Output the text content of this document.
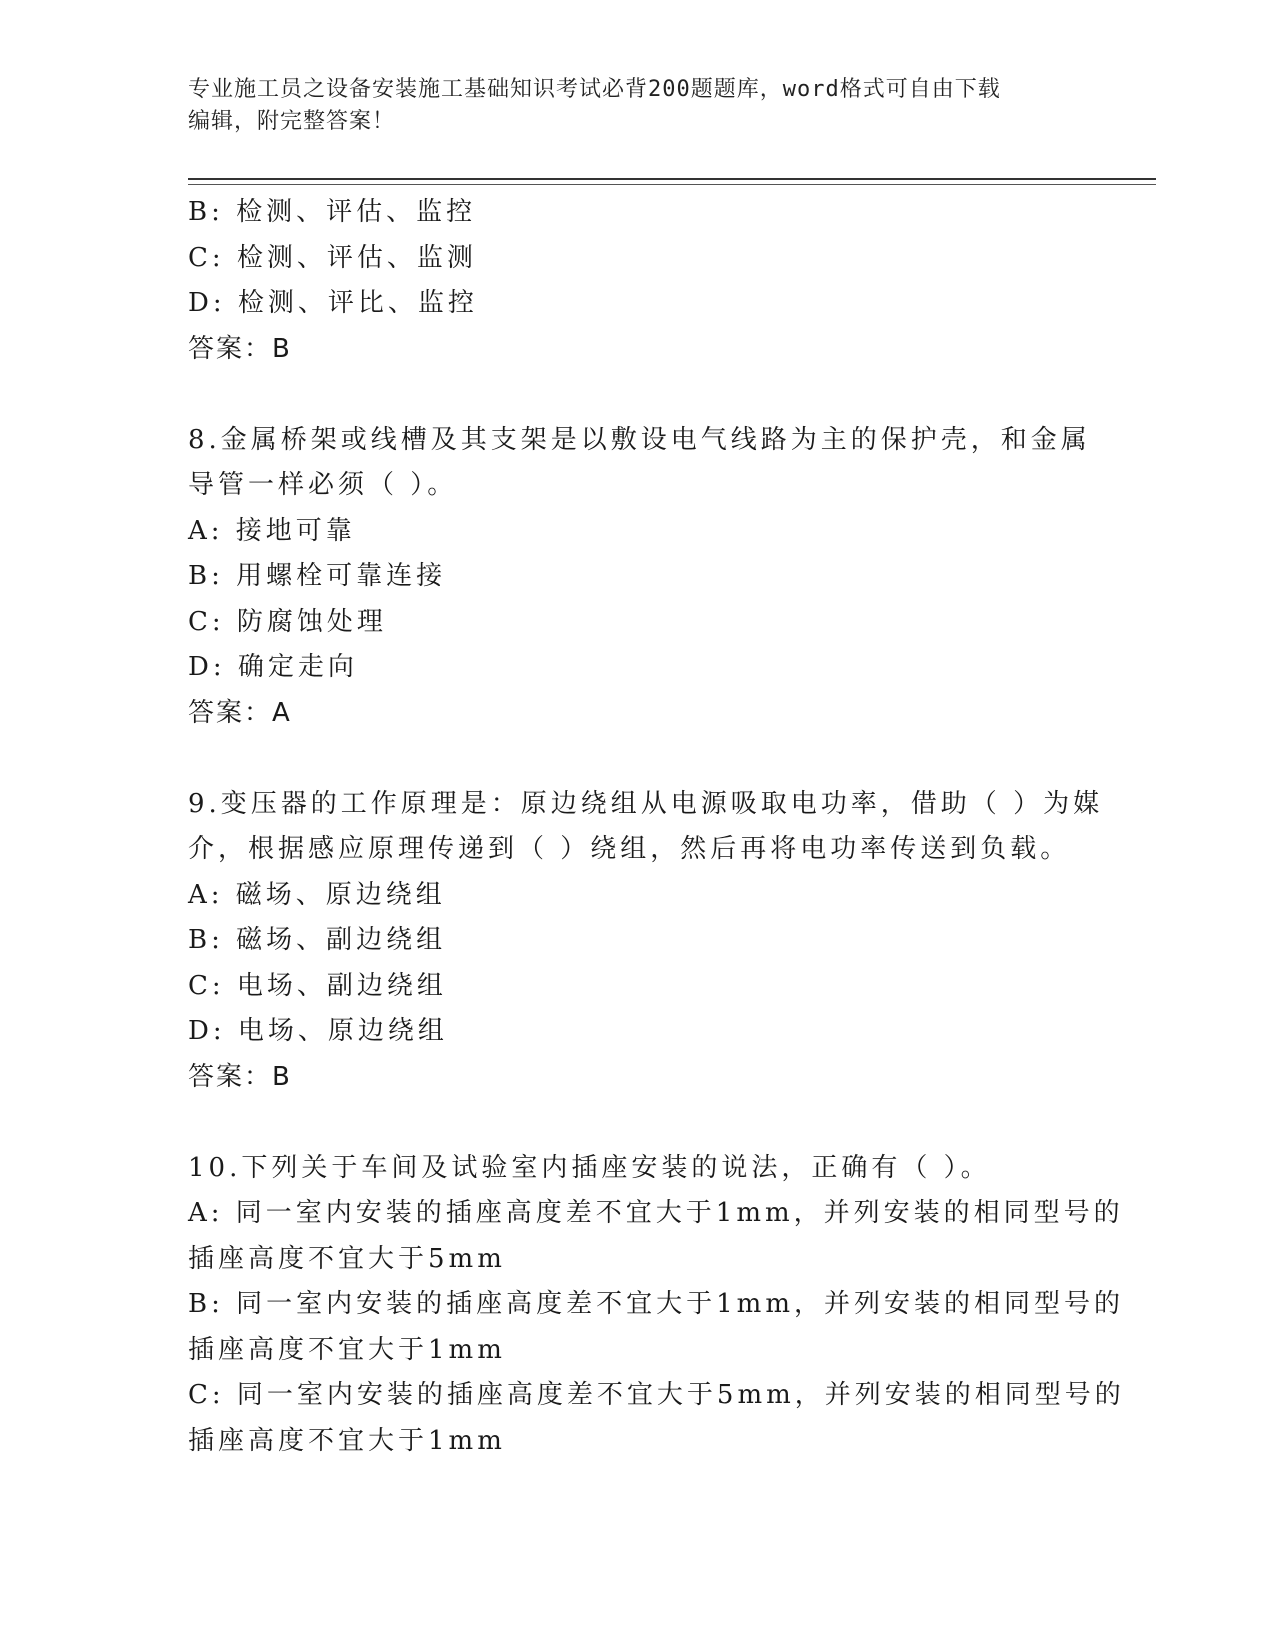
专业施工员之设备安装施工基础知识考试必背200题题库，word格式可自由下载
编辑，附完整答案！
B: 检测、评估、监控
C: 检测、评估、监测
D: 检测、评比、监控
答案：B
8.金属桥架或线槽及其支架是以敷设电气线路为主的保护壳，和金属
导管一样必须（ ）。
A: 接地可靠
B: 用螺栓可靠连接
C: 防腐蚀处理
D: 确定走向
答案：A
9.变压器的工作原理是：原边绕组从电源吸取电功率，借助（ ）为媒
介，根据感应原理传递到（ ）绕组，然后再将电功率传送到负载。
A: 磁场、原边绕组
B: 磁场、副边绕组
C: 电场、副边绕组
D: 电场、原边绕组
答案：B
10.下列关于车间及试验室内插座安装的说法，正确有（ ）。
A: 同一室内安装的插座高度差不宜大于1mm，并列安装的相同型号的
插座高度不宜大于5mm
B: 同一室内安装的插座高度差不宜大于1mm，并列安装的相同型号的
插座高度不宜大于1mm
C: 同一室内安装的插座高度差不宜大于5mm，并列安装的相同型号的
插座高度不宜大于1mm
